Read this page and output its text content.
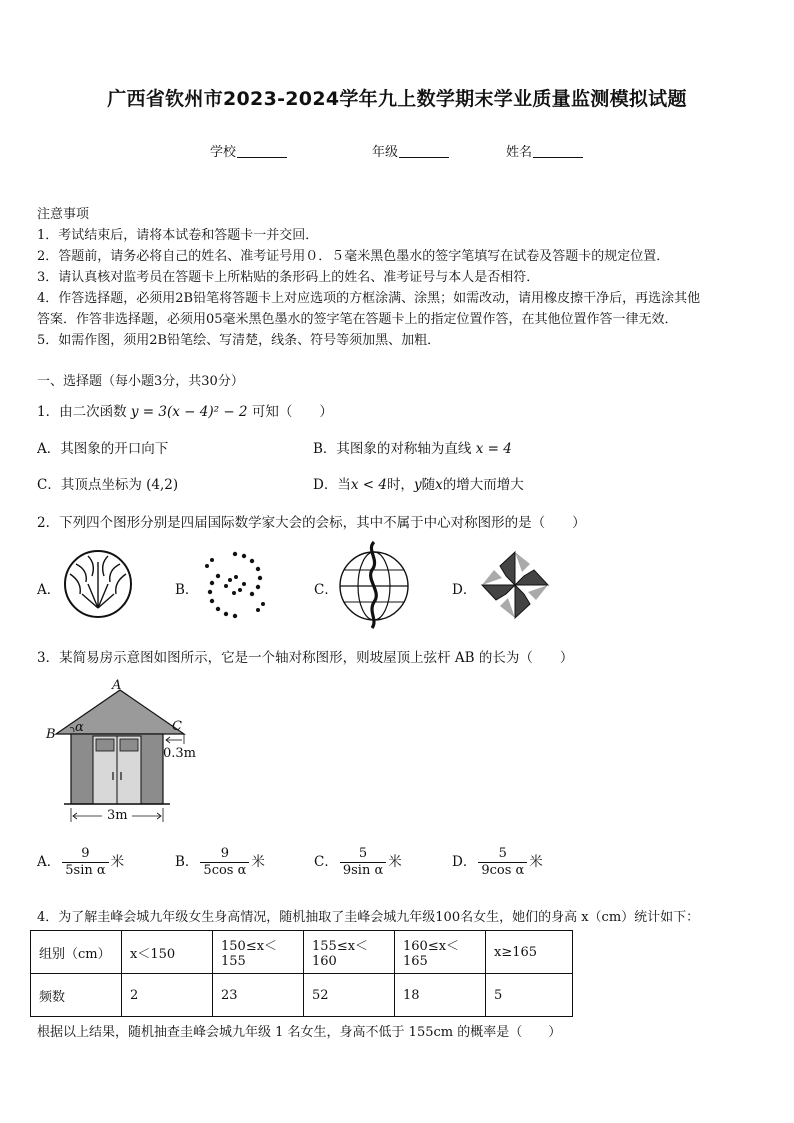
广西省钦州市2023-2024学年九上数学期末学业质量监测模拟试题
学校	年级	姓名
注意事项
1．考试结束后，请将本试卷和答题卡一并交回．
2．答题前，请务必将自己的姓名、准考证号用０．５毫米黑色墨水的签字笔填写在试卷及答题卡的规定位置．
3．请认真核对监考员在答题卡上所粘贴的条形码上的姓名、准考证号与本人是否相符．
4．作答选择题，必须用2B铅笔将答题卡上对应选项的方框涂满、涂黑；如需改动，请用橡皮擦干净后，再选涂其他
答案．作答非选择题，必须用05毫米黑色墨水的签字笔在答题卡上的指定位置作答，在其他位置作答一律无效．
5．如需作图，须用2B铅笔绘、写清楚，线条、符号等须加黑、加粗．
一、选择题（每小题3分，共30分）
1．由二次函数 y = 3(x − 4)² − 2 可知（　　）
A．其图象的开口向下	B．其图象的对称轴为直线 x = 4
C．其顶点坐标为 (4,2)	D．当x < 4时，y随x的增大而增大
2．下列四个图形分别是四届国际数学家大会的会标，其中不属于中心对称图形的是（　　）
A．	B．	C．	D．
3．某简易房示意图如图所示，它是一个轴对称图形，则坡屋顶上弦杆 AB 的长为（　　）
A
B
C
α
0.3m
3m
A． $\frac{9}{\text{5sin α}}$ 米	B． $\frac{9}{\text{5cos α}}$ 米	C． $\frac{5}{\text{9sin α}}$ 米	D． $\frac{5}{\text{9cos α}}$ 米
4．为了解圭峰会城九年级女生身高情况，随机抽取了圭峰会城九年级100名女生，她们的身高 x（cm）统计如下：
组别（cm）	x＜150	150≤x＜155	155≤x＜160	160≤x＜165	x≥165
频数	2	23	52	18	5
根据以上结果，随机抽查圭峰会城九年级 1 名女生，身高不低于 155cm 的概率是（　　）
